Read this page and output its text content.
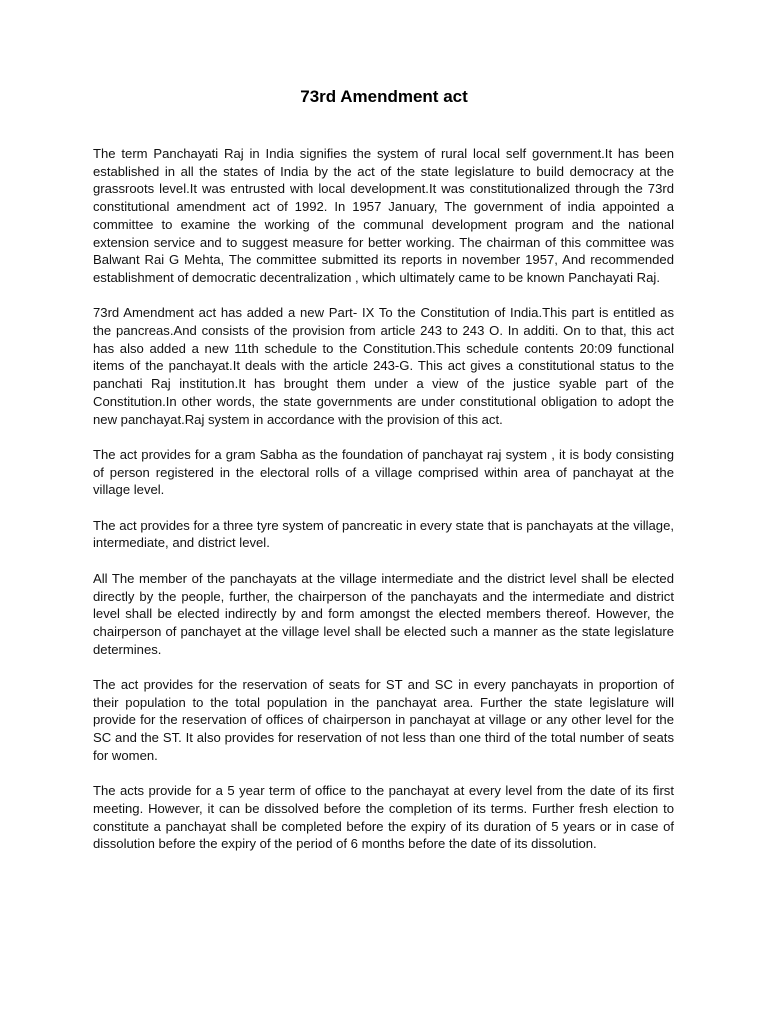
73rd Amendment act

The term Panchayati Raj in India signifies the system of rural local self government.It has been established in all the states of India by the act of the state legislature to build democracy at the grassroots level.It was entrusted with local development.It was constitutionalized through the 73rd constitutional amendment act of 1992. In 1957 January, The government of india appointed a committee to examine the working of the communal development program and the national extension service and to suggest measure for better working. The chairman of this committee was Balwant Rai G Mehta, The committee submitted its reports in november 1957, And recommended establishment of democratic decentralization , which ultimately came to be known Panchayati Raj.

73rd Amendment act has added a new Part- IX To the Constitution of India.This part is entitled as the pancreas.And consists of the provision from article 243 to 243 O. In additi. On to that, this act has also added a new 11th schedule to the Constitution.This schedule contents 20:09 functional items of the panchayat.It deals with the article 243-G. This act gives a constitutional status to the panchati Raj institution.It has brought them under a view of the justice syable part of the Constitution.In other words, the state governments are under constitutional obligation to adopt the new panchayat.Raj system in accordance with the provision of this act.

The act provides for a gram Sabha as the foundation of panchayat raj system , it is body consisting of person registered in the electoral rolls of a village comprised within area of panchayat at the village level.

The act provides for a three tyre system of pancreatic in every state that is panchayats at the village, intermediate, and district level.

All The member of the panchayats at the village intermediate and the district level shall be elected directly by the people, further, the chairperson of the panchayats and the intermediate and district level shall be elected indirectly by and form amongst the elected members thereof. However, the chairperson of panchayet at the village level shall be elected such a manner as the state legislature determines.

The act provides for the reservation of seats for ST and SC in every panchayats in proportion of their population to the total population in the panchayat area. Further the state legislature will provide for the reservation of offices of chairperson in panchayat at village or any other level for the SC and the ST. It also provides for reservation of not less than one third of the total number of seats for women.

The acts provide for a 5 year term of office to the panchayat at every level from the date of its first meeting. However, it can be dissolved before the completion of its terms. Further fresh election to constitute a panchayat shall be completed before the expiry of its duration of 5 years or in case of dissolution before the expiry of the period of 6 months before the date of its dissolution.
